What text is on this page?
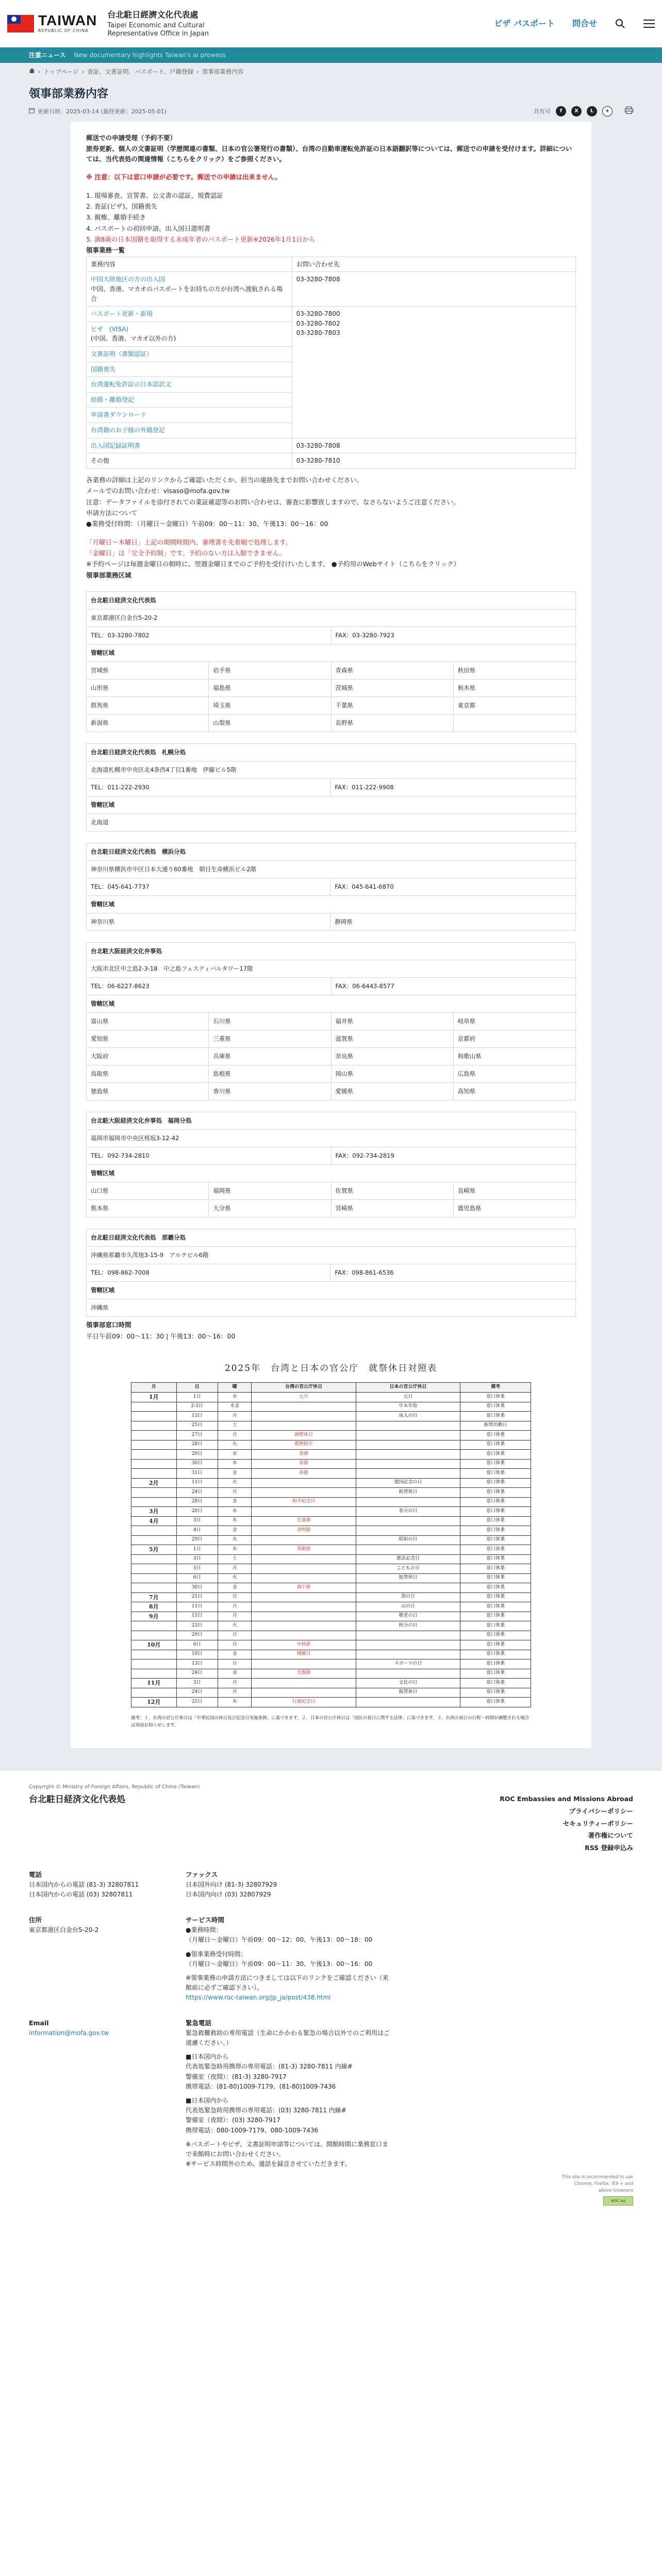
TAIWAN
REPUBLIC OF CHINA
台北駐日經濟文化代表處
Taipei Economic and Cultural
Representative Office in Japan
ビザ パスポート 問合せ
注重ニュース New documentary highlights Taiwan's ai prowess
› トップページ › 査証、文書証明、パスポート、戸籍登録 › 領事部業務内容
領事部業務内容
更新日時：2025-03-14 (最終更新：2025-05-01)	共有可	f	X	L	+

郵送での申請受理（予約不要）

旅券更新、個人の文書証明（学歴関連の書類、日本の官公署発行の書類）、台湾の自動車運転免許証の日本語翻訳等については、郵送での申請を受付けます。詳細については、当代表処の関連情報（こちらをクリック）をご参照ください。

※ 注意：以下は窓口申請が必要です。郵送での申請は出来ません。

1. 現場審査、宣誓書、公文書の認証、規費認証

2. 査証(ビザ)、国籍喪失

3. 親権、離婚手続き

4. パスポートの初回申請、出入国日證明書

5. 満8歳の日本国籍を取得する未成年者のパスポート更新※2026年1月1日から

領事業務一覧

業務内容	お問い合わせ先
中国大陸地区の方の出入国
中国、香港、マカオのパスポートをお持ちの方が台湾へ渡航される場合	03-3280-7808
パスポート更新・新規	03-3280-7800
03-3280-7802
03-3280-7803
ビザ　(VISA)
(中国、香港、マカオ以外の方)	
文書証明（書類認証）	
国籍喪失	
台湾運転免許証の日本語訳文	
結婚・離婚登記	
申請書ダウンロード	
台湾籍のお子様の外籍登記	
出入国記録証明書	03-3280-7808
その他	03-3280-7810

各業務の詳細は上記のリンクからご確認いただくか、担当の連絡先までお問い合わせください。

メールでのお問い合わせ：visaso@mofa.gov.tw

注意：データファイルを添付されての業証確認等のお問い合わせは、審査に影響致しますので、なさらないようご注意ください。

申請方法について

●業務受付時間：（月曜日〜金曜日）午前09：00～11：30、午後13：00～16：00

「月曜日〜木曜日」上記の期間時間内、審理書を先着順で処理します。

「金曜日」は「完全予約制」です。予約のない方は入館できません。

※予約ページは毎週金曜日の朝時に、翌週金曜日までのご予約を受付けいたします。 ●予約用のWebサイト（こちらをクリック）

領事部業務区域

台北駐日経済文化代表処			
東京都港区白金台5-20-2			
TEL：03-3280-7802		FAX：03-3280-7923	
管轄区域			
宮城県	岩手県	青森県	秋田県
山形県	福島県	茨城県	栃木県
群馬県	埼玉県	千葉県	東京都
新潟県	山梨県	長野県	
台北駐日経済文化代表処　札幌分処
北海道札幌市中央区北4条西4丁目1番地　伊藤ビル5階
TEL：011-222-2930	FAX：011-222-9908
管轄区域
北海道
台北駐日経済文化代表処　横浜分処	
神奈川県横浜市中区日本大通り60番地　朝日生命横浜ビル2階	
TEL：045-641-7737	FAX：045-641-6870
管轄区域	
神奈川県	静岡県
台北駐大阪経済文化弁事処			
大阪市北区中之島2-3-18　中之島フェスティバルタワー17階			
TEL：06-6227-8623		FAX：06-6443-8577	
管轄区域			
富山県	石川県	福井県	岐阜県
愛知県	三重県	滋賀県	京都府
大阪府	兵庫県	奈良県	和歌山県
鳥取県	島根県	岡山県	広島県
徳島県	香川県	愛媛県	高知県
台北駐大阪経済文化弁事処　福岡分処			
福岡市福岡市中央区桜坂3-12-42			
TEL：092-734-2810		FAX：092-734-2819	
管轄区域			
山口県	福岡県	佐賀県	長崎県
熊本県	大分県	宮崎県	鹿児島県
台北駐日経済文化代表処　那覇分処
沖縄県那覇市久茂地3-15-9　アルテビル6階
TEL：098-862-7008	FAX：098-861-6536
管轄区域
沖縄県

領事部窓口時間

平日午前09：00～11：30 | 午後13：00～16：00

2025年　台湾と日本の官公庁　就祭休日対照表
月	日	曜	台湾の官公庁休日	日本の官公庁休日	備考
1月	1日	水	元旦	元日	窓口休業
	2-3日	木金		年末年始	窓口休業
	13日	月		成人の日	窓口休業
	25日	土			振替出勤日
	27日	月	調整休日		窓口休業
	28日	火	農暦除夕		窓口休業
	29日	水	春節		窓口休業
	30日	木	春節		窓口休業
	31日	金	春節		窓口休業
2月	11日	火		建国記念の日	窓口休業
	24日	月		振替休日	窓口休業
	28日	金	和平紀念日		窓口休業
3月	20日	木		春分の日	窓口休業
4月	3日	木	兒童節		窓口休業
	4日	金	清明節		窓口休業
	29日	火		昭和の日	窓口休業
5月	1日	木	勞動節		窓口休業
	3日	土		憲法記念日	窓口休業
	5日	月		こどもの日	窓口休業
	6日	火		振替休日	窓口休業
	30日	金	端午節		窓口休業
7月	21日	月		海の日	窓口休業
8月	11日	月		山の日	窓口休業
9月	15日	月		敬老の日	窓口休業
	23日	火		秋分の日	窓口休業
	29日	月			窓口休業
10月	6日	月	中秋節		窓口休業
	10日	金	國慶日		窓口休業
	13日	月		スポーツの日	窓口休業
	24日	金	光復節		窓口休業
11月	3日	月		文化の日	窓口休業
	24日	月		振替休日	窓口休業
12月	25日	木	行憲紀念日		窓口休業
備考：１．台湾の官公庁休日は「中華民国の休日及び記念日実施条例」に基づきます。２．日本の官公庁休日は「国民の祝日に関する法律」に基づきます。３．台湾の祝日の日程・時間が調整される場合は別途お知らせします。
Copyright © Ministry of Foreign Affairs, Republic of China (Taiwan)
台北駐日経済文化代表処	ROC Embassies and Missions Abroad
プライバシーポリシー
セキュリティーポリシー
著作権について
RSS 登録申込み

電話

日本国内からの電話 (81-3) 32807811

日本国内からの電話 (03) 32807811

ファックス

日本国外向け (81-3) 32807929

日本国内向け (03) 32807929

住所

東京都港区白金台5-20-2

サービス時間

●業務時間：

（月曜日〜金曜日）午前09：00～12：00、午後13：00～18：00

●領事業務受付時間：

（月曜日〜金曜日）午前09：00～11：30、午後13：00～16：00

※領事業務の申請方法につきましては以下のリンクをご確認ください（来館前に必ずご確認下さい）。

https://www.roc-taiwan.org/jp_ja/post/438.html

Email

information@mofa.gov.tw

緊急電話

緊急救難救助の専用電話（生命にかかわる緊急の場合以外でのご利用はご遠慮ください。）

■日本国内から

代表処緊急時用携帯の専用電話：(81-3) 3280-7811 内線#

警備室（夜間）：(81-3) 3280-7917

携帯電話：(81-80)1009-7179、(81-80)1009-7436

■日本国内から

代表処緊急時用携帯の専用電話：(03) 3280-7811 内線#

警備室（夜間）：(03) 3280-7917

携帯電話：080-1009-7179、080-1009-7436

※パスポートやビザ、文書証明申請等については、開館時間に業務窓口まで来館時にお問い合わせください。

※サービス時間外のため、通話を録音させていただきます。

This site is recommended to use
Chrome, Firefox, IE9 + and
above browsers
W3C AA
